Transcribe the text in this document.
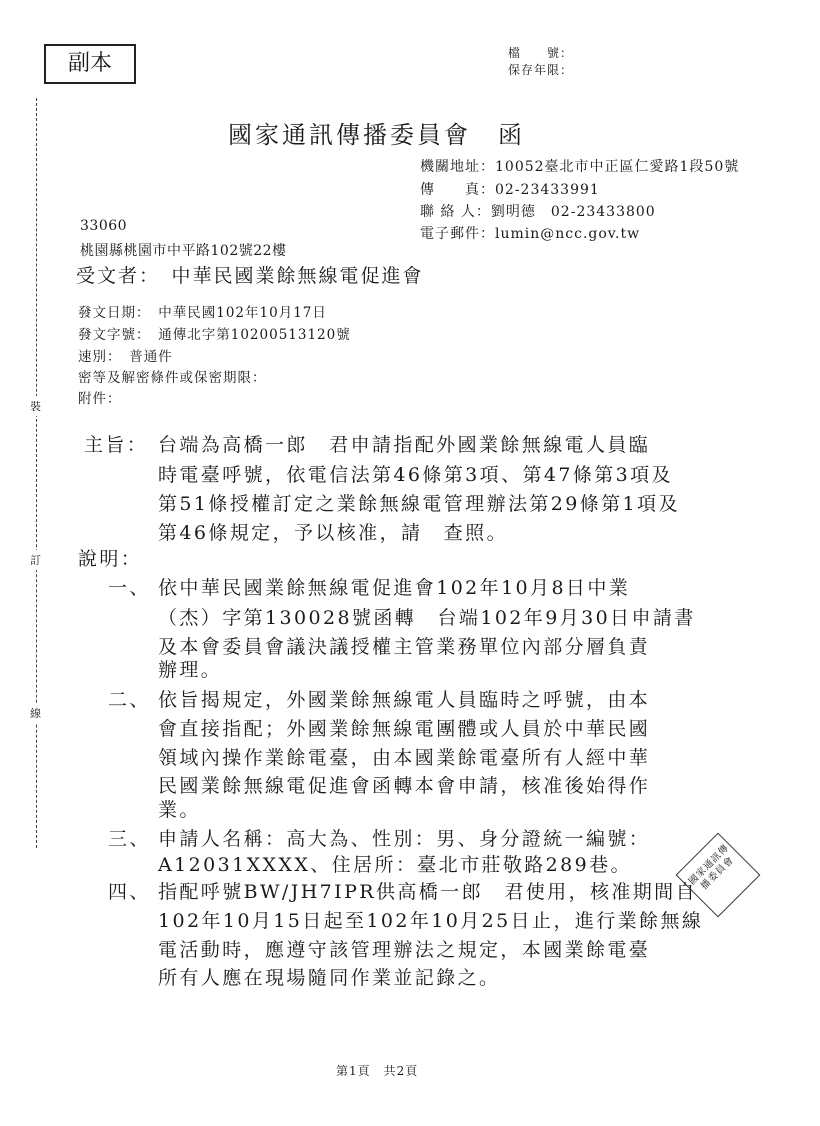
副本	檔　　號：
保存年限：
國家通訊傳播委員會　函
機關地址：10052臺北市中正區仁愛路1段50號
傳　　真：02-23433991
聯 絡 人：劉明德　02-23433800
電子郵件：lumin@ncc.gov.tw
33060
桃園縣桃園市中平路102號22樓
受文者：　中華民國業餘無線電促進會
發文日期：　中華民國102年10月17日
發文字號：　通傳北字第10200513120號
速別：　普通件
密等及解密條件或保密期限：
附件：
主旨： 台端為高橋一郎　君申請指配外國業餘無線電人員臨
時電臺呼號，依電信法第46條第3項、第47條第3項及
第51條授權訂定之業餘無線電管理辦法第29條第1項及
第46條規定，予以核准，請　查照。
說明：
一、 依中華民國業餘無線電促進會102年10月8日中業
（杰）字第130028號函轉　台端102年9月30日申請書
及本會委員會議決議授權主管業務單位內部分層負責
辦理。
二、 依旨揭規定，外國業餘無線電人員臨時之呼號，由本
會直接指配；外國業餘無線電團體或人員於中華民國
領域內操作業餘電臺，由本國業餘電臺所有人經中華
民國業餘無線電促進會函轉本會申請，核准後始得作
業。
三、 申請人名稱：高大為、性別：男、身分證統一編號：
A12031XXXX、住居所：臺北市莊敬路289巷。
四、 指配呼號BW/JH7IPR供高橋一郎　君使用，核准期間自
102年10月15日起至102年10月25日止，進行業餘無線
電活動時，應遵守該管理辦法之規定，本國業餘電臺
所有人應在現場隨同作業並記錄之。
裝
訂
線
國家通訊傳播委員會
第1頁　共2頁
